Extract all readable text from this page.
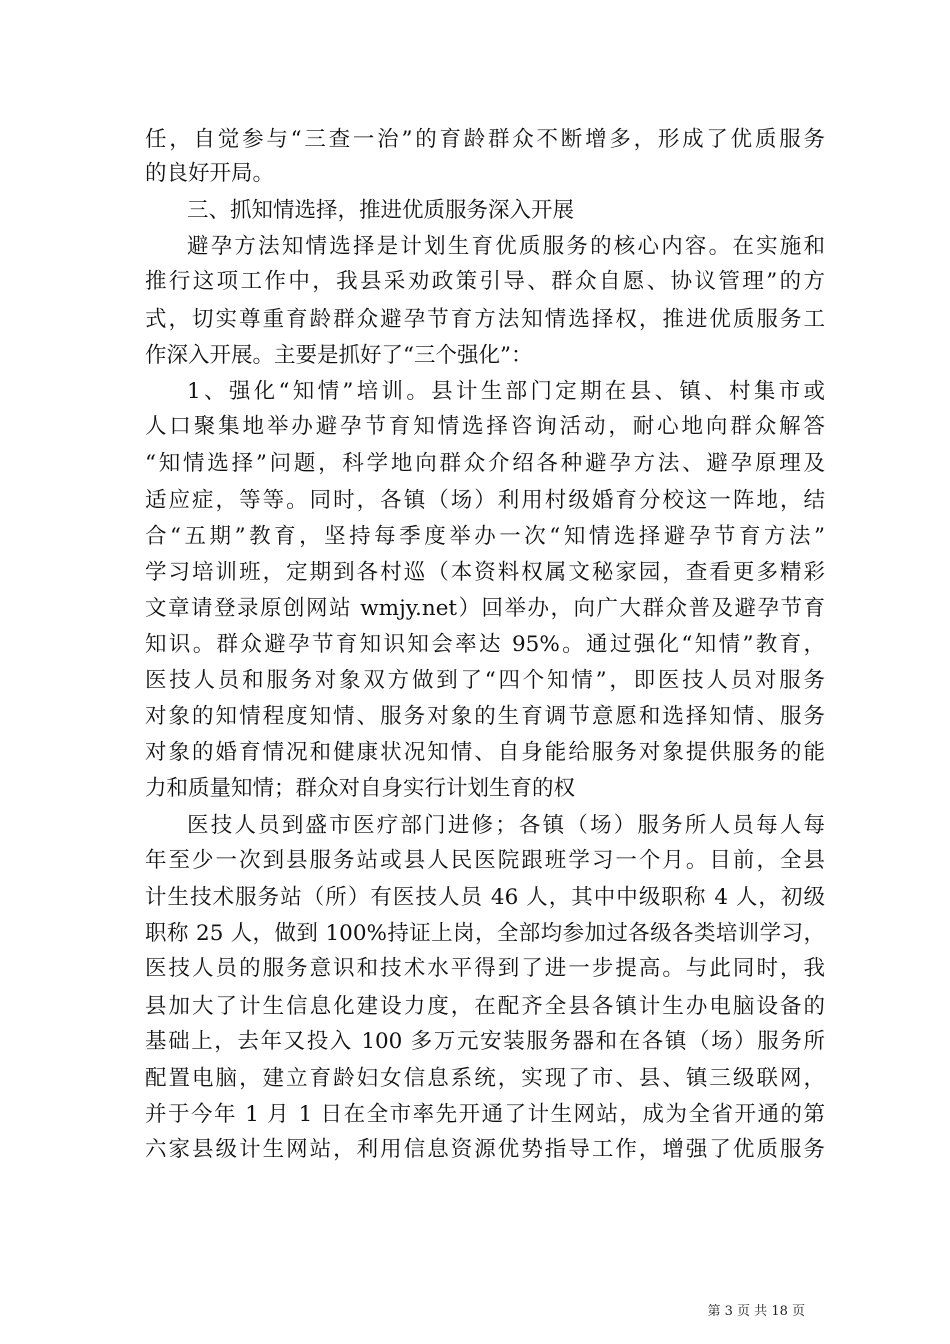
任，自觉参与“三查一治”的育龄群众不断增多，形成了优质服务
的良好开局。
三、抓知情选择，推进优质服务深入开展
避孕方法知情选择是计划生育优质服务的核心内容。在实施和
推行这项工作中，我县采劝政策引导、群众自愿、协议管理”的方
式，切实尊重育龄群众避孕节育方法知情选择权，推进优质服务工
作深入开展。主要是抓好了“三个强化”：
1、强化“知情”培训。县计生部门定期在县、镇、村集市或
人口聚集地举办避孕节育知情选择咨询活动，耐心地向群众解答
“知情选择”问题，科学地向群众介绍各种避孕方法、避孕原理及
适应症，等等。同时，各镇（场）利用村级婚育分校这一阵地，结
合“五期”教育，坚持每季度举办一次“知情选择避孕节育方法”
学习培训班，定期到各村巡（本资料权属文秘家园，查看更多精彩
文章请登录原创网站 wmjy.net）回举办，向广大群众普及避孕节育
知识。群众避孕节育知识知会率达 95%。通过强化“知情”教育，
医技人员和服务对象双方做到了“四个知情”，即医技人员对服务
对象的知情程度知情、服务对象的生育调节意愿和选择知情、服务
对象的婚育情况和健康状况知情、自身能给服务对象提供服务的能
力和质量知情；群众对自身实行计划生育的权
医技人员到盛市医疗部门进修；各镇（场）服务所人员每人每
年至少一次到县服务站或县人民医院跟班学习一个月。目前，全县
计生技术服务站（所）有医技人员 46 人，其中中级职称 4 人，初级
职称 25 人，做到 100%持证上岗，全部均参加过各级各类培训学习，
医技人员的服务意识和技术水平得到了进一步提高。与此同时，我
县加大了计生信息化建设力度，在配齐全县各镇计生办电脑设备的
基础上，去年又投入 100 多万元安装服务器和在各镇（场）服务所
配置电脑，建立育龄妇女信息系统，实现了市、县、镇三级联网，
并于今年 1 月 1 日在全市率先开通了计生网站，成为全省开通的第
六家县级计生网站，利用信息资源优势指导工作，增强了优质服务
第 3 页 共 18 页
